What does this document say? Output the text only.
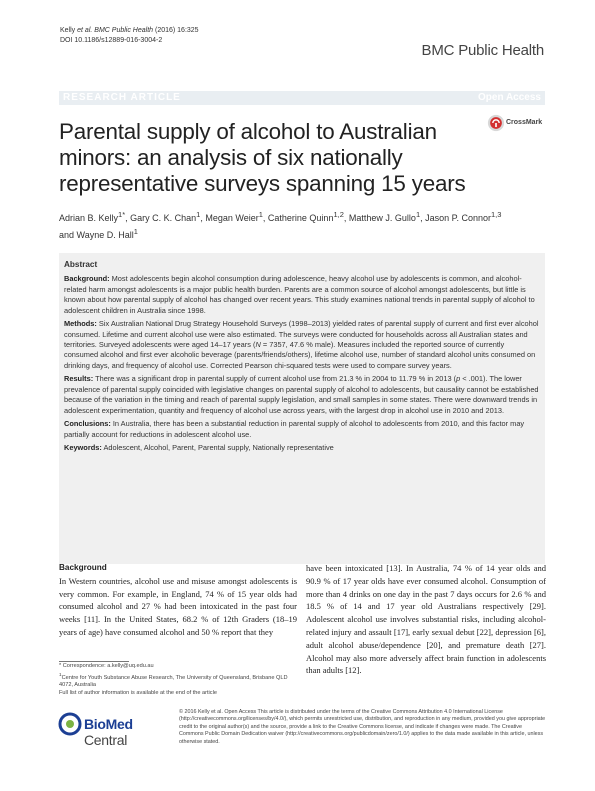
Kelly et al. BMC Public Health (2016) 16:325
DOI 10.1186/s12889-016-3004-2
BMC Public Health
RESEARCH ARTICLE	Open Access
Parental supply of alcohol to Australian minors: an analysis of six nationally representative surveys spanning 15 years
CrossMark
Adrian B. Kelly$^{1*}$, Gary C. K. Chan$^1$, Megan Weier$^1$, Catherine Quinn$^{1,2}$, Matthew J. Gullo$^1$, Jason P. Connor$^{1,3}$
and Wayne D. Hall$^1$
Abstract

Background: Most adolescents begin alcohol consumption during adolescence, heavy alcohol use by adolescents is common, and alcohol-related harm amongst adolescents is a major public health burden. Parents are a common source of alcohol amongst adolescents, but little is known about how parental supply of alcohol has changed over recent years. This study examines national trends in parental supply of alcohol to adolescent children in Australia since 1998.

Methods: Six Australian National Drug Strategy Household Surveys (1998–2013) yielded rates of parental supply of current and first ever alcohol consumed. Lifetime and current alcohol use were also estimated. The surveys were conducted for households across all Australian states and territories. Surveyed adolescents were aged 14–17 years (N = 7357, 47.6 % male). Measures included the reported source of currently consumed alcohol and first ever alcoholic beverage (parents/friends/others), lifetime alcohol use, number of standard alcohol units consumed on drinking days, and frequency of alcohol use. Corrected Pearson chi-squared tests were used to compare survey years.

Results: There was a significant drop in parental supply of current alcohol use from 21.3 % in 2004 to 11.79 % in 2013 (p < .001). The lower prevalence of parental supply coincided with legislative changes on parental supply of alcohol to adolescents, but causality cannot be established because of the variation in the timing and reach of parental supply legislation, and small samples in some states. There were downward trends in adolescent experimentation, quantity and frequency of alcohol use across years, with the largest drop in alcohol use in 2010 and 2013.

Conclusions: In Australia, there has been a substantial reduction in parental supply of alcohol to adolescents from 2010, and this factor may partially account for reductions in adolescent alcohol use.

Keywords: Adolescent, Alcohol, Parent, Parental supply, Nationally representative

Background
In Western countries, alcohol use and misuse amongst adolescents is very common. For example, in England, 74 % of 15 year olds had consumed alcohol and 27 % had been intoxicated in the past four weeks [11]. In the United States, 68.2 % of 12th Graders (18–19 years of age) have consumed alcohol and 50 % report that they
have been intoxicated [13]. In Australia, 74 % of 14 year olds and 90.9 % of 17 year olds have ever consumed alcohol. Consumption of more than 4 drinks on one day in the past 7 days occurs for 2.6 % and 18.5 % of 14 and 17 year old Australians respectively [29]. Adolescent alcohol use involves substantial risks, including alcohol-related injury and assault [17], early sexual debut [22], depression [6], adult alcohol abuse/dependence [20], and premature death [27]. Alcohol may also more adversely affect brain function in adolescents than adults [12].
* Correspondence: a.kelly@uq.edu.au
$^1$Centre for Youth Substance Abuse Research, The University of Queensland, Brisbane QLD 4072, Australia
Full list of author information is available at the end of the article
BioMed Central
© 2016 Kelly et al. Open Access This article is distributed under the terms of the Creative Commons Attribution 4.0 International License (http://creativecommons.org/licenses/by/4.0/), which permits unrestricted use, distribution, and reproduction in any medium, provided you give appropriate credit to the original author(s) and the source, provide a link to the Creative Commons license, and indicate if changes were made. The Creative Commons Public Domain Dedication waiver (http://creativecommons.org/publicdomain/zero/1.0/) applies to the data made available in this article, unless otherwise stated.
